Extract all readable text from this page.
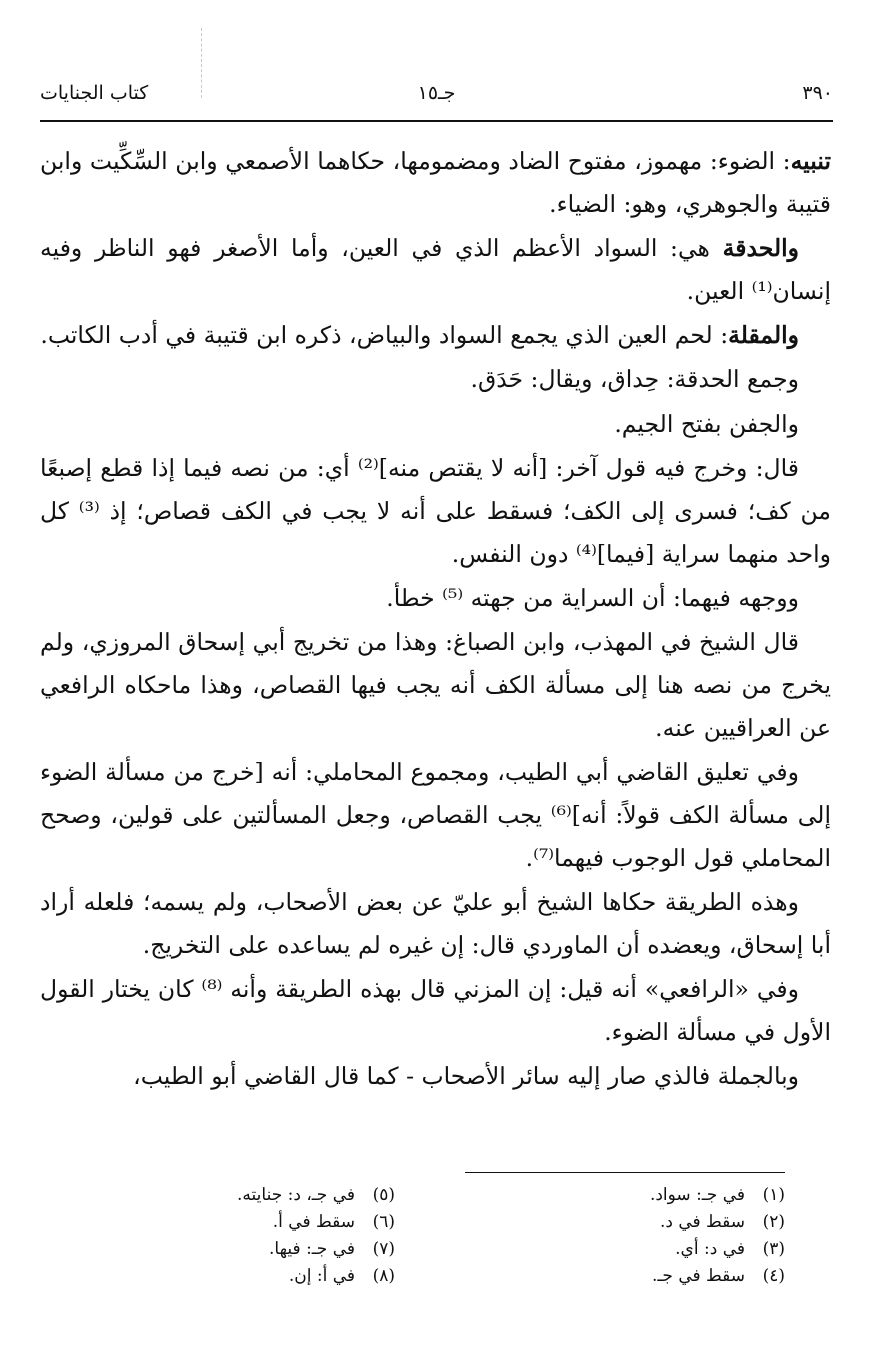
٣٩٠
جـ١٥
كتاب الجنايات

تنبيه: الضوء: مهموز، مفتوح الضاد ومضمومها، حكاهما الأصمعي وابن السِّكِّيت وابن قتيبة والجوهري، وهو: الضياء.

والحدقة هي: السواد الأعظم الذي في العين، وأما الأصغر فهو الناظر وفيه إنسان⁽¹⁾ العين.

والمقلة: لحم العين الذي يجمع السواد والبياض، ذكره ابن قتيبة في أدب الكاتب.

وجمع الحدقة: حِداق، ويقال: حَدَق.

والجفن بفتح الجيم.

قال: وخرج فيه قول آخر: [أنه لا يقتص منه]⁽²⁾ أي: من نصه فيما إذا قطع إصبعًا من كف؛ فسرى إلى الكف؛ فسقط على أنه لا يجب في الكف قصاص؛ إذ ⁽³⁾ كل واحد منهما سراية [فيما]⁽⁴⁾ دون النفس.

ووجهه فيهما: أن السراية من جهته ⁽⁵⁾ خطأ.

قال الشيخ في المهذب، وابن الصباغ: وهذا من تخريج أبي إسحاق المروزي، ولم يخرج من نصه هنا إلى مسألة الكف أنه يجب فيها القصاص، وهذا ماحكاه الرافعي عن العراقيين عنه.

وفي تعليق القاضي أبي الطيب، ومجموع المحاملي: أنه [خرج من مسألة الضوء إلى مسألة الكف قولاً: أنه]⁽⁶⁾ يجب القصاص، وجعل المسألتين على قولين، وصحح المحاملي قول الوجوب فيهما⁽⁷⁾.

وهذه الطريقة حكاها الشيخ أبو عليّ عن بعض الأصحاب، ولم يسمه؛ فلعله أراد أبا إسحاق، ويعضده أن الماوردي قال: إن غيره لم يساعده على التخريج.

وفي «الرافعي» أنه قيل: إن المزني قال بهذه الطريقة وأنه ⁽⁸⁾ كان يختار القول الأول في مسألة الضوء.

وبالجملة فالذي صار إليه سائر الأصحاب - كما قال القاضي أبو الطيب،

(١)في جـ: سواد.
(٢)سقط في د.
(٣)في د: أي.
(٤)سقط في جـ.
(٥)في جـ، د: جنايته.
(٦)سقط في أ.
(٧)في جـ: فيها.
(٨)في أ: إن.
